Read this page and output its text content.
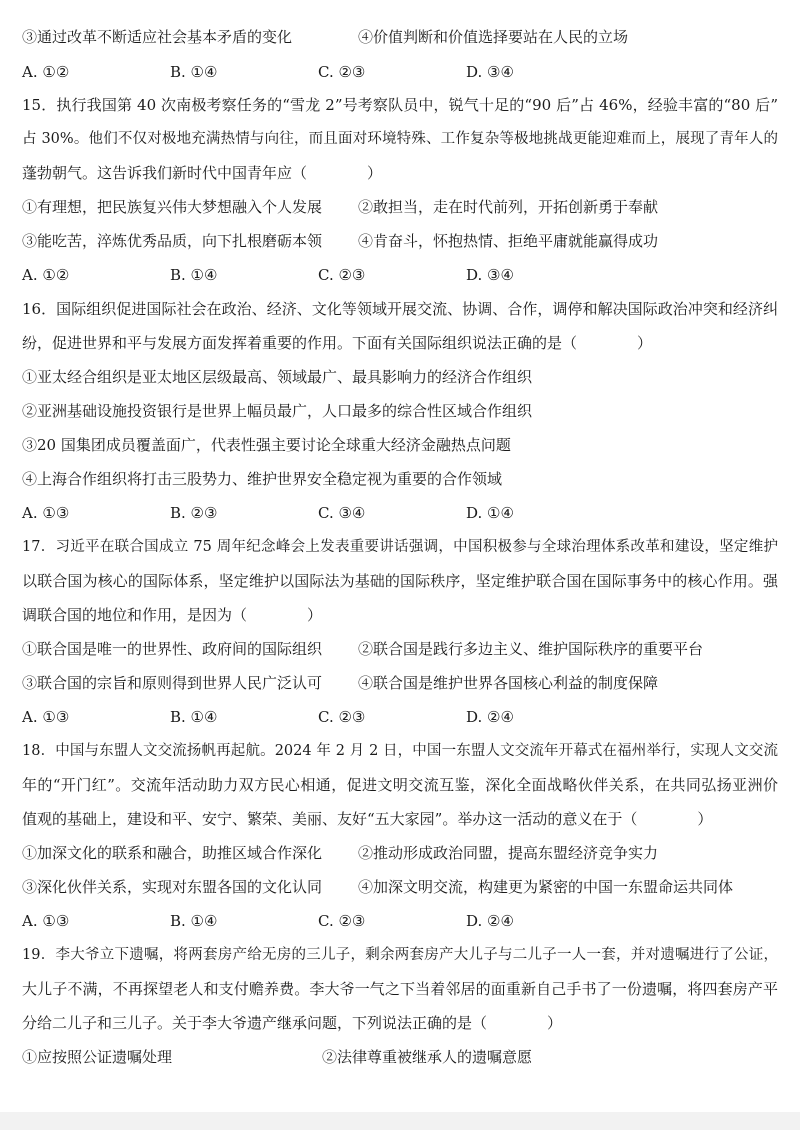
③通过改革不断适应社会基本矛盾的变化	④价值判断和价值选择要站在人民的立场
A. ①②	B. ①④	C. ②③	D. ③④
15．执行我国第 40 次南极考察任务的“雪龙 2”号考察队员中，锐气十足的“90 后”占 46%，经验丰富的“80 后”
占 30%。他们不仅对极地充满热情与向往，而且面对环境特殊、工作复杂等极地挑战更能迎难而上，展现了青年人的
蓬勃朝气。这告诉我们新时代中国青年应（　　　　）
①有理想，把民族复兴伟大梦想融入个人发展 ②敢担当，走在时代前列，开拓创新勇于奉献
③能吃苦，淬炼优秀品质，向下扎根磨砺本领 ④肯奋斗，怀抱热情、拒绝平庸就能赢得成功
A. ①②	B. ①④	C. ②③	D. ③④
16．国际组织促进国际社会在政治、经济、文化等领域开展交流、协调、合作，调停和解决国际政治冲突和经济纠
纷，促进世界和平与发展方面发挥着重要的作用。下面有关国际组织说法正确的是（　　　　）
①亚太经合组织是亚太地区层级最高、领域最广、最具影响力的经济合作组织
②亚洲基础设施投资银行是世界上幅员最广，人口最多的综合性区域合作组织
③20 国集团成员覆盖面广，代表性强主要讨论全球重大经济金融热点问题
④上海合作组织将打击三股势力、维护世界安全稳定视为重要的合作领域
A. ①③	B. ②③	C. ③④	D. ①④
17．习近平在联合国成立 75 周年纪念峰会上发表重要讲话强调，中国积极参与全球治理体系改革和建设，坚定维护
以联合国为核心的国际体系，坚定维护以国际法为基础的国际秩序，坚定维护联合国在国际事务中的核心作用。强
调联合国的地位和作用，是因为（　　　　）
①联合国是唯一的世界性、政府间的国际组织 ②联合国是践行多边主义、维护国际秩序的重要平台
③联合国的宗旨和原则得到世界人民广泛认可 ④联合国是维护世界各国核心利益的制度保障
A. ①③	B. ①④	C. ②③	D. ②④
18．中国与东盟人文交流扬帆再起航。2024 年 2 月 2 日，中国一东盟人文交流年开幕式在福州举行，实现人文交流
年的“开门红”。交流年活动助力双方民心相通，促进文明交流互鉴，深化全面战略伙伴关系，在共同弘扬亚洲价
值观的基础上，建设和平、安宁、繁荣、美丽、友好“五大家园”。举办这一活动的意义在于（　　　　）
①加深文化的联系和融合，助推区域合作深化 ②推动形成政治同盟，提高东盟经济竞争实力
③深化伙伴关系，实现对东盟各国的文化认同 ④加深文明交流，构建更为紧密的中国一东盟命运共同体
A. ①③	B. ①④	C. ②③	D. ②④
19．李大爷立下遗嘱，将两套房产给无房的三儿子，剩余两套房产大儿子与二儿子一人一套，并对遗嘱进行了公证，
大儿子不满，不再探望老人和支付赡养费。李大爷一气之下当着邻居的面重新自己手书了一份遗嘱，将四套房产平
分给二儿子和三儿子。关于李大爷遗产继承问题，下列说法正确的是（　　　　）
①应按照公证遗嘱处理	②法律尊重被继承人的遗嘱意愿
